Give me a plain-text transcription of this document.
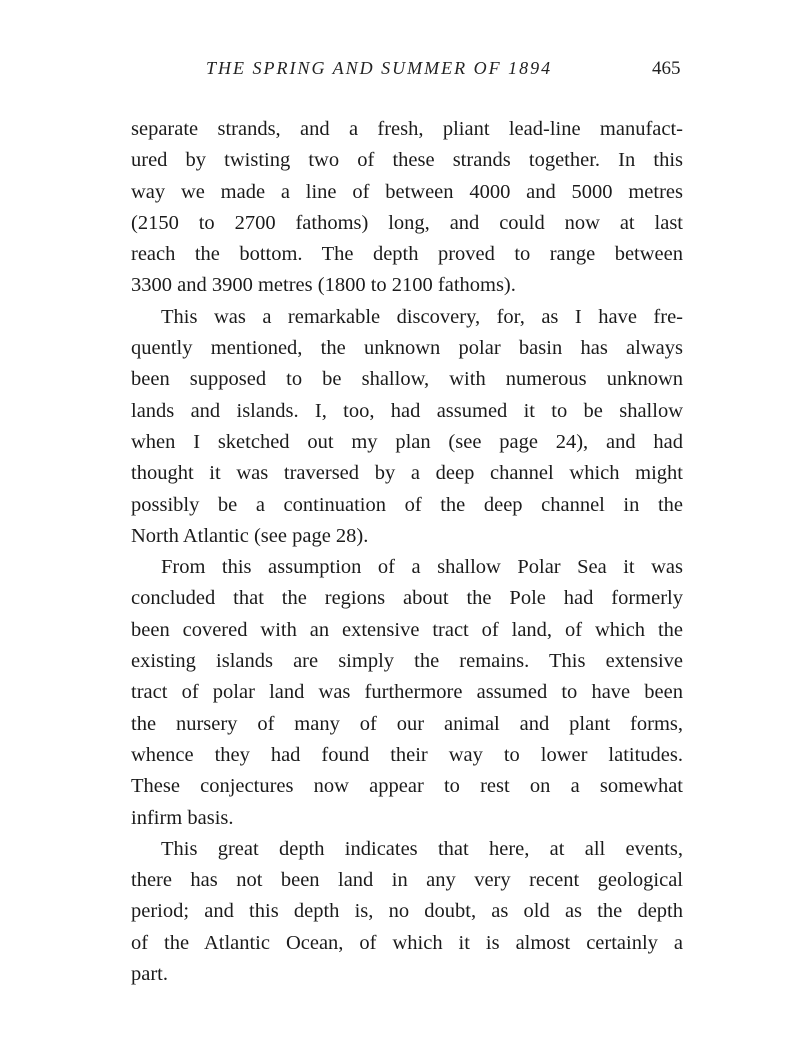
THE SPRING AND SUMMER OF 1894	465
separate strands, and a fresh, pliant lead-line manufact-
ured by twisting two of these strands together. In this
way we made a line of between 4000 and 5000 metres
(2150 to 2700 fathoms) long, and could now at last
reach the bottom. The depth proved to range between
3300 and 3900 metres (1800 to 2100 fathoms).
This was a remarkable discovery, for, as I have fre-
quently mentioned, the unknown polar basin has always
been supposed to be shallow, with numerous unknown
lands and islands. I, too, had assumed it to be shallow
when I sketched out my plan (see page 24), and had
thought it was traversed by a deep channel which might
possibly be a continuation of the deep channel in the
North Atlantic (see page 28).
From this assumption of a shallow Polar Sea it was
concluded that the regions about the Pole had formerly
been covered with an extensive tract of land, of which the
existing islands are simply the remains. This extensive
tract of polar land was furthermore assumed to have been
the nursery of many of our animal and plant forms,
whence they had found their way to lower latitudes.
These conjectures now appear to rest on a somewhat
infirm basis.
This great depth indicates that here, at all events,
there has not been land in any very recent geological
period; and this depth is, no doubt, as old as the depth
of the Atlantic Ocean, of which it is almost certainly a
part.
